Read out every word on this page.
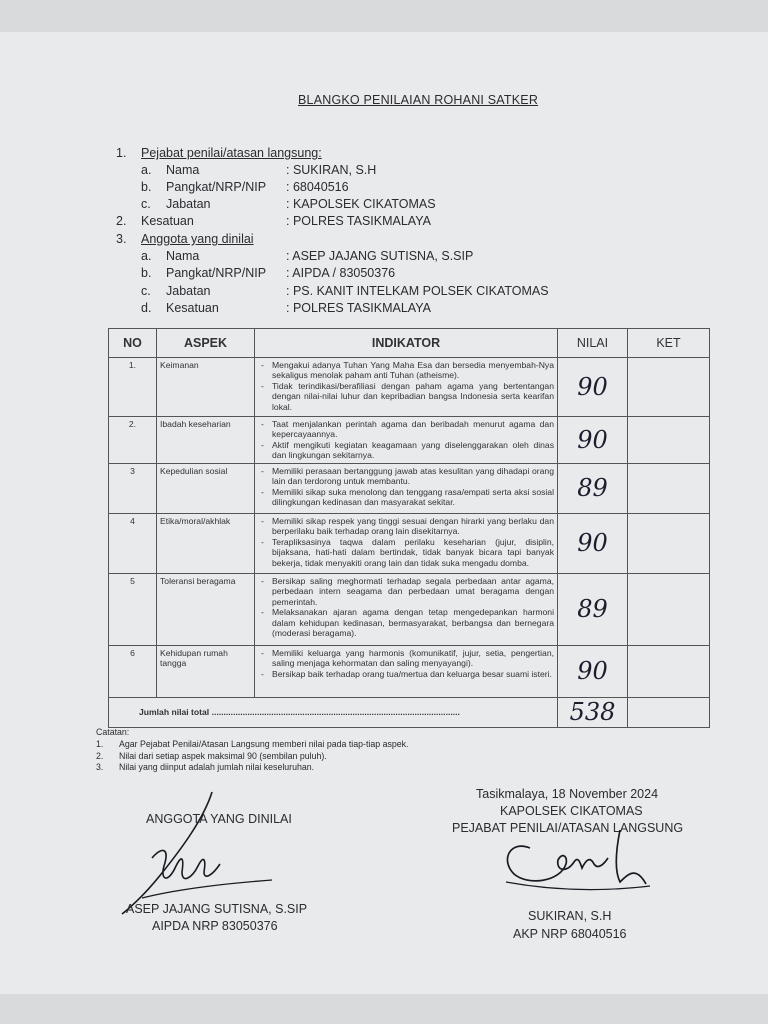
BLANGKO PENILAIAN ROHANI SATKER
1. Pejabat penilai/atasan langsung:
a. Nama	: SUKIRAN, S.H
b. Pangkat/NRP/NIP : 68040516
c. Jabatan	: KAPOLSEK CIKATOMAS
2. Kesatuan	: POLRES TASIKMALAYA
3. Anggota yang dinilai
a. Nama	: ASEP JAJANG SUTISNA, S.SIP
b. Pangkat/NRP/NIP : AIPDA / 83050376
c. Jabatan	: PS. KANIT INTELKAM POLSEK CIKATOMAS
d. Kesatuan	: POLRES TASIKMALAYA
NO	ASPEK	INDIKATOR	NILAI	KET
1.	Keimanan	- Mengakui adanya Tuhan Yang Maha Esa dan bersedia menyembah-Nya sekaligus menolak paham anti Tuhan (atheisme).
- Tidak terindikasi/berafiliasi dengan paham agama yang bertentangan dengan nilai-nilai luhur dan kepribadian bangsa Indonesia serta kearifan lokal.	90	
2.	Ibadah keseharian	- Taat menjalankan perintah agama dan beribadah menurut agama dan kepercayaannya.
- Aktif mengikuti kegiatan keagamaan yang diselenggarakan oleh dinas dan lingkungan sekitarnya.	90	
3	Kepedulian sosial	- Memiliki perasaan bertanggung jawab atas kesulitan yang dihadapi orang lain dan terdorong untuk membantu.
- Memiliki sikap suka menolong dan tenggang rasa/empati serta aksi sosial dilingkungan kedinasan dan masyarakat sekitar.	89	
4	Etika/moral/akhlak	- Memiliki sikap respek yang tinggi sesuai dengan hirarki yang berlaku dan berperilaku baik terhadap orang lain disekitarnya.
- Terapliksasinya taqwa dalam perilaku keseharian (jujur, disiplin, bijaksana, hati-hati dalam bertindak, tidak banyak bicara tapi banyak bekerja, tidak menyakiti orang lain dan tidak suka mengadu domba.	90	
5	Toleransi beragama	- Bersikap saling meghormati terhadap segala perbedaan antar agama, perbedaan intern seagama dan perbedaan umat beragama dengan pemerintah.
- Melaksanakan ajaran agama dengan tetap mengedepankan harmoni dalam kehidupan kedinasan, bermasyarakat, berbangsa dan bernegara (moderasi beragama).	89	
6	Kehidupan rumah tangga	- Memiliki keluarga yang harmonis (komunikatif, jujur, setia, pengertian, saling menjaga kehormatan dan saling menyayangi).
- Bersikap baik terhadap orang tua/mertua dan keluarga besar suami isteri.	90	

Jumlah nilai total ........................................................................................................			538	
Catatan:
1. Agar Pejabat Penilai/Atasan Langsung memberi nilai pada tiap-tiap aspek.
2. Nilai dari setiap aspek maksimal 90 (sembilan puluh).
3. Nilai yang diinput adalah jumlah nilai keseluruhan.
ANGGOTA YANG DINILAI
ASEP JAJANG SUTISNA, S.SIP
AIPDA NRP 83050376
Tasikmalaya, 18 November 2024
KAPOLSEK CIKATOMAS
PEJABAT PENILAI/ATASAN LANGSUNG
SUKIRAN, S.H
AKP NRP 68040516
